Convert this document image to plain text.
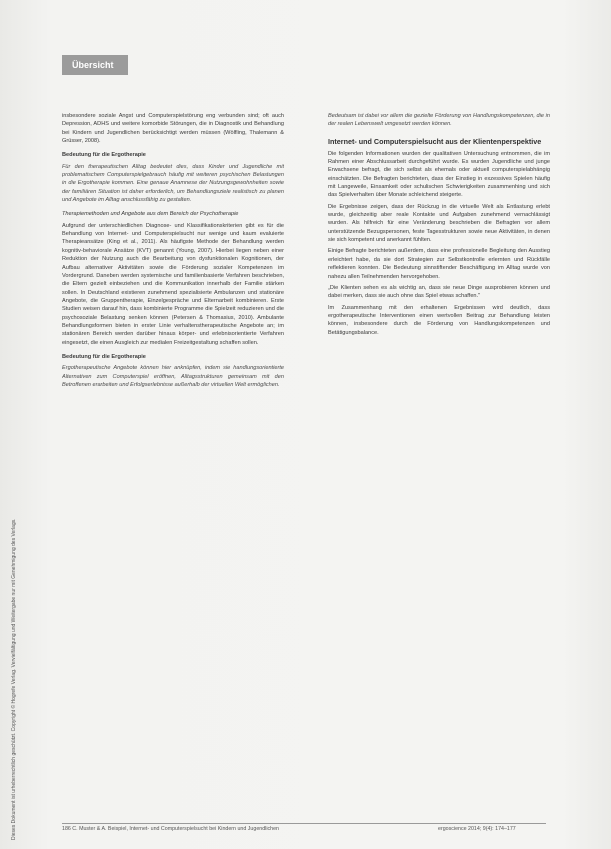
Übersicht
Dieses Dokument ist urheberrechtlich geschützt. Copyright © Hogrefe Verlag. Vervielfältigung und Weitergabe nur mit Genehmigung des Verlags.

insbesondere soziale Angst und Computerspielstörung eng verbunden sind; oft auch Depression, ADHS und weitere komorbide Störungen, die in Diagnostik und Behandlung bei Kindern und Jugendlichen berücksichtigt werden müssen (Wölfling, Thalemann & Grüsser, 2008).

Bedeutung für die Ergotherapie

Für den therapeutischen Alltag bedeutet dies, dass Kinder und Jugendliche mit problematischem Computerspielgebrauch häufig mit weiteren psychischen Belastungen in die Ergotherapie kommen. Eine genaue Anamnese der Nutzungsgewohnheiten sowie der familiären Situation ist daher erforderlich, um Behandlungsziele realistisch zu planen und Angebote im Alltag anschlussfähig zu gestalten.

Therapiemethoden und Angebote aus dem Bereich der Psychotherapie

Aufgrund der unterschiedlichen Diagnose- und Klassifikationskriterien gibt es für die Behandlung von Internet- und Computerspielsucht nur wenige und kaum evaluierte Therapieansätze (King et al., 2011). Als häufigste Methode der Behandlung werden kognitiv-behaviorale Ansätze (KVT) genannt (Young, 2007). Hierbei liegen neben einer Reduktion der Nutzung auch die Bearbeitung von dysfunktionalen Kognitionen, der Aufbau alternativer Aktivitäten sowie die Förderung sozialer Kompetenzen im Vordergrund. Daneben werden systemische und familienbasierte Verfahren beschrieben, die Eltern gezielt einbeziehen und die Kommunikation innerhalb der Familie stärken sollen. In Deutschland existieren zunehmend spezialisierte Ambulanzen und stationäre Angebote, die Gruppentherapie, Einzelgespräche und Elternarbeit kombinieren. Erste Studien weisen darauf hin, dass kombinierte Programme die Spielzeit reduzieren und die psychosoziale Belastung senken können (Petersen & Thomasius, 2010). Ambulante Behandlungsformen bieten in erster Linie verhaltenstherapeutische Angebote an; im stationären Bereich werden darüber hinaus körper- und erlebnisorientierte Verfahren eingesetzt, die einen Ausgleich zur medialen Freizeitgestaltung schaffen sollen.

Bedeutung für die Ergotherapie

Ergotherapeutische Angebote können hier anknüpfen, indem sie handlungsorientierte Alternativen zum Computerspiel eröffnen, Alltagsstrukturen gemeinsam mit den Betroffenen erarbeiten und Erfolgserlebnisse außerhalb der virtuellen Welt ermöglichen.

Bedeutsam ist dabei vor allem die gezielte Förderung von Handlungskompetenzen, die in der realen Lebenswelt umgesetzt werden können.

Internet- und Computerspielsucht aus der Klientenperspektive

Die folgenden Informationen wurden der qualitativen Untersuchung entnommen, die im Rahmen einer Abschlussarbeit durchgeführt wurde. Es wurden Jugendliche und junge Erwachsene befragt, die sich selbst als ehemals oder aktuell computerspielabhängig einschätzten. Die Befragten berichteten, dass der Einstieg in exzessives Spielen häufig mit Langeweile, Einsamkeit oder schulischen Schwierigkeiten zusammenhing und sich das Spielverhalten über Monate schleichend steigerte.

Die Ergebnisse zeigen, dass der Rückzug in die virtuelle Welt als Entlastung erlebt wurde, gleichzeitig aber reale Kontakte und Aufgaben zunehmend vernachlässigt wurden. Als hilfreich für eine Veränderung beschrieben die Befragten vor allem unterstützende Bezugspersonen, feste Tagesstrukturen sowie neue Aktivitäten, in denen sie sich kompetent und anerkannt fühlten.

Einige Befragte berichteten außerdem, dass eine professionelle Begleitung den Ausstieg erleichtert habe, da sie dort Strategien zur Selbstkontrolle erlernten und Rückfälle reflektieren konnten. Die Bedeutung sinnstiftender Beschäftigung im Alltag wurde von nahezu allen Teilnehmenden hervorgehoben.

„Die Klienten sehen es als wichtig an, dass sie neue Dinge ausprobieren können und dabei merken, dass sie auch ohne das Spiel etwas schaffen."

Im Zusammenhang mit den erhaltenen Ergebnissen wird deutlich, dass ergotherapeutische Interventionen einen wertvollen Beitrag zur Behandlung leisten können, insbesondere durch die Förderung von Handlungskompetenzen und Betätigungsbalance.

186 C. Muster & A. Beispiel, Internet- und Computerspielsucht bei Kindern und Jugendlichen	ergoscience 2014; 9(4): 174–177
